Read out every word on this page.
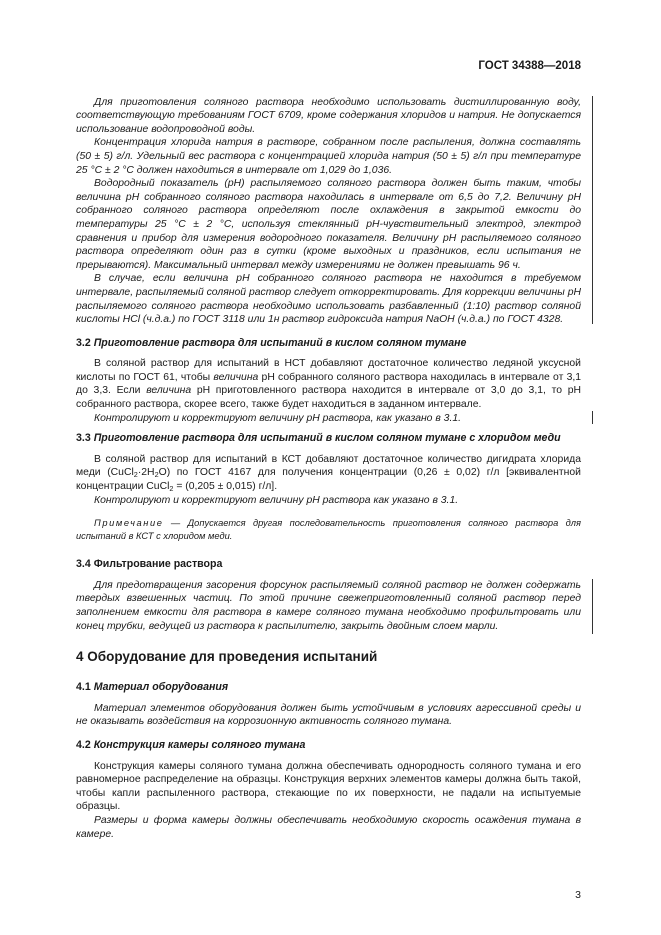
ГОСТ 34388—2018

Для приготовления соляного раствора необходимо использовать дистиллированную воду, соответствующую требованиям ГОСТ 6709, кроме содержания хлоридов и натрия. Не допускается использование водопроводной воды.

Концентрация хлорида натрия в растворе, собранном после распыления, должна составлять (50 ± 5) г/л. Удельный вес раствора с концентрацией хлорида натрия (50 ± 5) г/л при температуре 25 °C ± 2 °C должен находиться в интервале от 1,029 до 1,036.

Водородный показатель (pH) распыляемого соляного раствора должен быть таким, чтобы величина pH собранного соляного раствора находилась в интервале от 6,5 до 7,2. Величину pH собранного соляного раствора определяют после охлаждения в закрытой емкости до температуры 25 °C ± 2 °C, используя стеклянный pH-чувствительный электрод, электрод сравнения и прибор для измерения водородного показателя. Величину pH распыляемого соляного раствора определяют один раз в сутки (кроме выходных и праздников, если испытания не прерываются). Максимальный интервал между измерениями не должен превышать 96 ч.

В случае, если величина pH собранного соляного раствора не находится в требуемом интервале, распыляемый соляной раствор следует откорректировать. Для коррекции величины pH распыляемого соляного раствора необходимо использовать разбавленный (1:10) раствор соляной кислоты HCl (ч.д.а.) по ГОСТ 3118 или 1н раствор гидроксида натрия NaOH (ч.д.а.) по ГОСТ 4328.

3.2 Приготовление раствора для испытаний в кислом соляном тумане

В соляной раствор для испытаний в НСТ добавляют достаточное количество ледяной уксусной кислоты по ГОСТ 61, чтобы величина pH собранного соляного раствора находилась в интервале от 3,1 до 3,3. Если величина pH приготовленного раствора находится в интервале от 3,0 до 3,1, то pH собранного раствора, скорее всего, также будет находиться в заданном интервале.

Контролируют и корректируют величину pH раствора, как указано в 3.1.

3.3 Приготовление раствора для испытаний в кислом соляном тумане с хлоридом меди

В соляной раствор для испытаний в КСТ добавляют достаточное количество дигидрата хлорида меди $(CuCl_2\cdot 2H_2O)$ по ГОСТ 4167 для получения концентрации (0,26 ± 0,02) г/л [эквивалентной концентрации CuCl$_2$ = (0,205 ± 0,015) г/л].

Контролируют и корректируют величину pH раствора как указано в 3.1.

Примечание — Допускается другая последовательность приготовления соляного раствора для испытаний в КСТ с хлоридом меди.
3.4 Фильтрование раствора

Для предотвращения засорения форсунок распыляемый соляной раствор не должен содержать твердых взвешенных частиц. По этой причине свежеприготовленный соляной раствор перед заполнением емкости для раствора в камере соляного тумана необходимо профильтровать или конец трубки, ведущей из раствора к распылителю, закрыть двойным слоем марли.

4 Оборудование для проведения испытаний
4.1 Материал оборудования

Материал элементов оборудования должен быть устойчивым в условиях агрессивной среды и не оказывать воздействия на коррозионную активность соляного тумана.

4.2 Конструкция камеры соляного тумана

Конструкция камеры соляного тумана должна обеспечивать однородность соляного тумана и его равномерное распределение на образцы. Конструкция верхних элементов камеры должна быть такой, чтобы капли распыленного раствора, стекающие по их поверхности, не падали на испытуемые образцы.

Размеры и форма камеры должны обеспечивать необходимую скорость осаждения тумана в камере.

3
